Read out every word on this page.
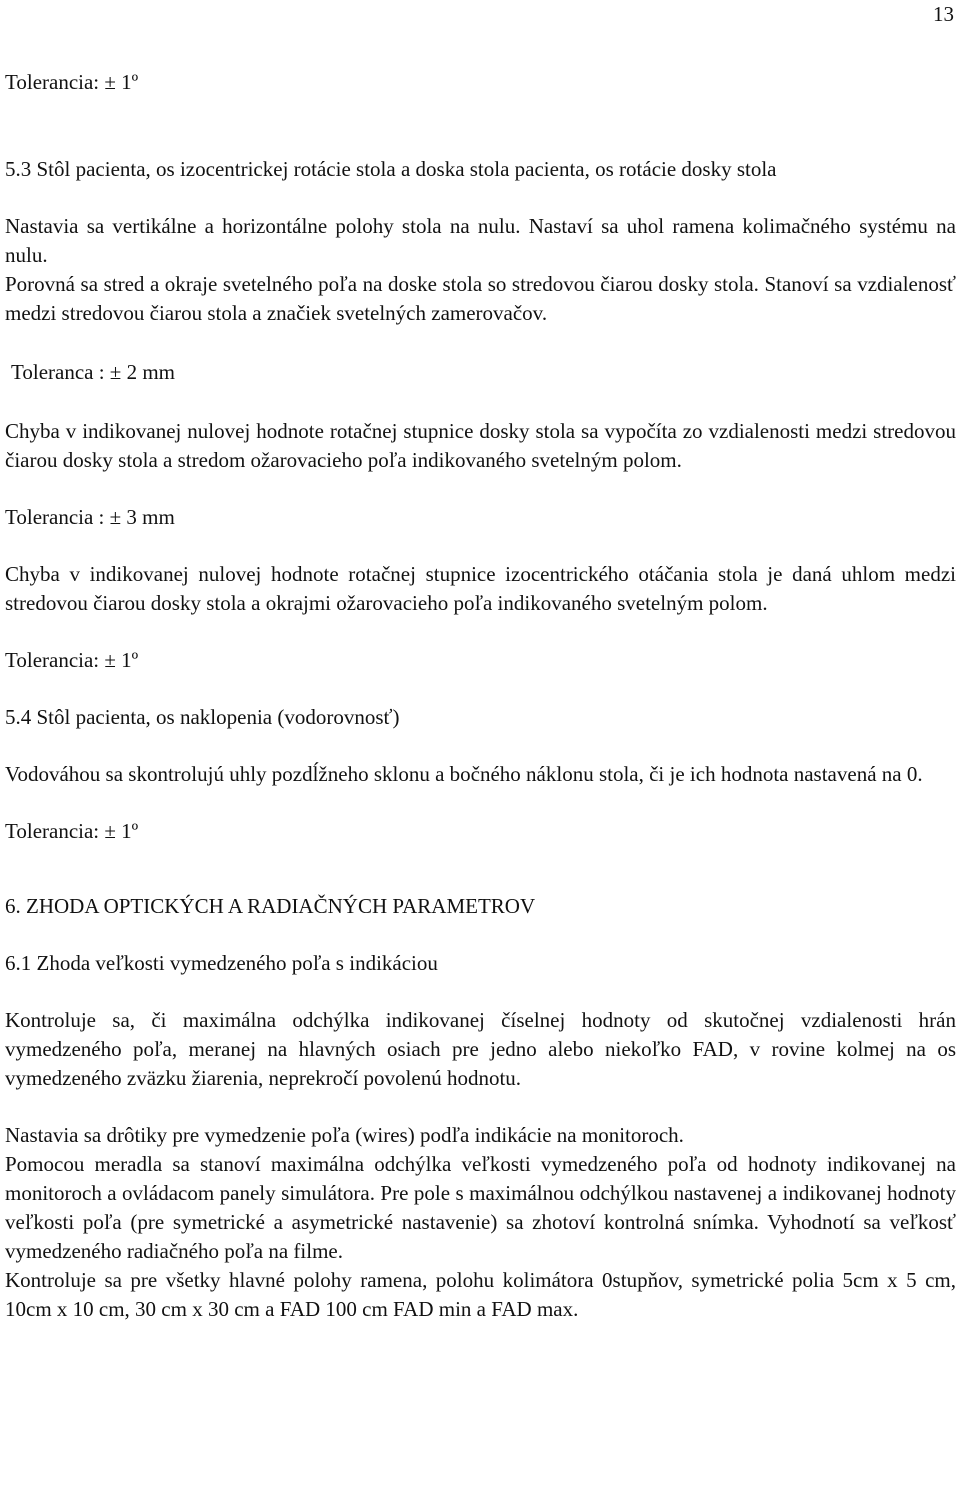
13

Tolerancia: ± 1º

5.3 Stôl pacienta, os izocentrickej rotácie stola a doska stola pacienta, os rotácie dosky stola

Nastavia sa vertikálne a horizontálne polohy stola na nulu. Nastaví sa uhol ramena kolimačného systému na nulu.

Porovná sa stred a okraje svetelného poľa na doske stola so stredovou čiarou dosky stola. Stanoví sa vzdialenosť medzi stredovou čiarou stola a značiek svetelných zamerovačov.

Toleranca : ± 2 mm

Chyba v indikovanej nulovej hodnote rotačnej stupnice dosky stola sa vypočíta zo vzdialenosti medzi stredovou čiarou dosky stola a stredom ožarovacieho poľa indikovaného svetelným polom.

Tolerancia : ± 3 mm

Chyba v indikovanej nulovej hodnote rotačnej stupnice izocentrického otáčania stola je daná uhlom medzi stredovou čiarou dosky stola a okrajmi ožarovacieho poľa indikovaného svetelným polom.

Tolerancia: ± 1º

5.4 Stôl pacienta, os naklopenia (vodorovnosť)

Vodováhou sa skontrolujú uhly pozdĺžneho sklonu a bočného náklonu stola, či je ich hodnota nastavená na 0.

Tolerancia: ± 1º

6. ZHODA OPTICKÝCH A RADIAČNÝCH PARAMETROV

6.1 Zhoda veľkosti vymedzeného poľa s indikáciou

Kontroluje sa, či maximálna odchýlka indikovanej číselnej hodnoty od skutočnej vzdialenosti hrán vymedzeného poľa, meranej na hlavných osiach pre jedno alebo niekoľko FAD, v rovine kolmej na os vymedzeného zväzku žiarenia, neprekročí povolenú hodnotu.

Nastavia sa drôtiky pre vymedzenie poľa (wires) podľa indikácie na monitoroch.

Pomocou meradla sa stanoví maximálna odchýlka veľkosti vymedzeného poľa od hodnoty indikovanej na monitoroch a ovládacom panely simulátora. Pre pole s maximálnou odchýlkou nastavenej a indikovanej hodnoty veľkosti poľa (pre symetrické a asymetrické nastavenie) sa zhotoví kontrolná snímka. Vyhodnotí sa veľkosť vymedzeného radiačného poľa na filme.

Kontroluje sa pre všetky hlavné polohy ramena, polohu kolimátora 0stupňov, symetrické polia 5cm x 5 cm, 10cm x 10 cm, 30 cm x 30 cm a FAD 100 cm FAD min a FAD max.
